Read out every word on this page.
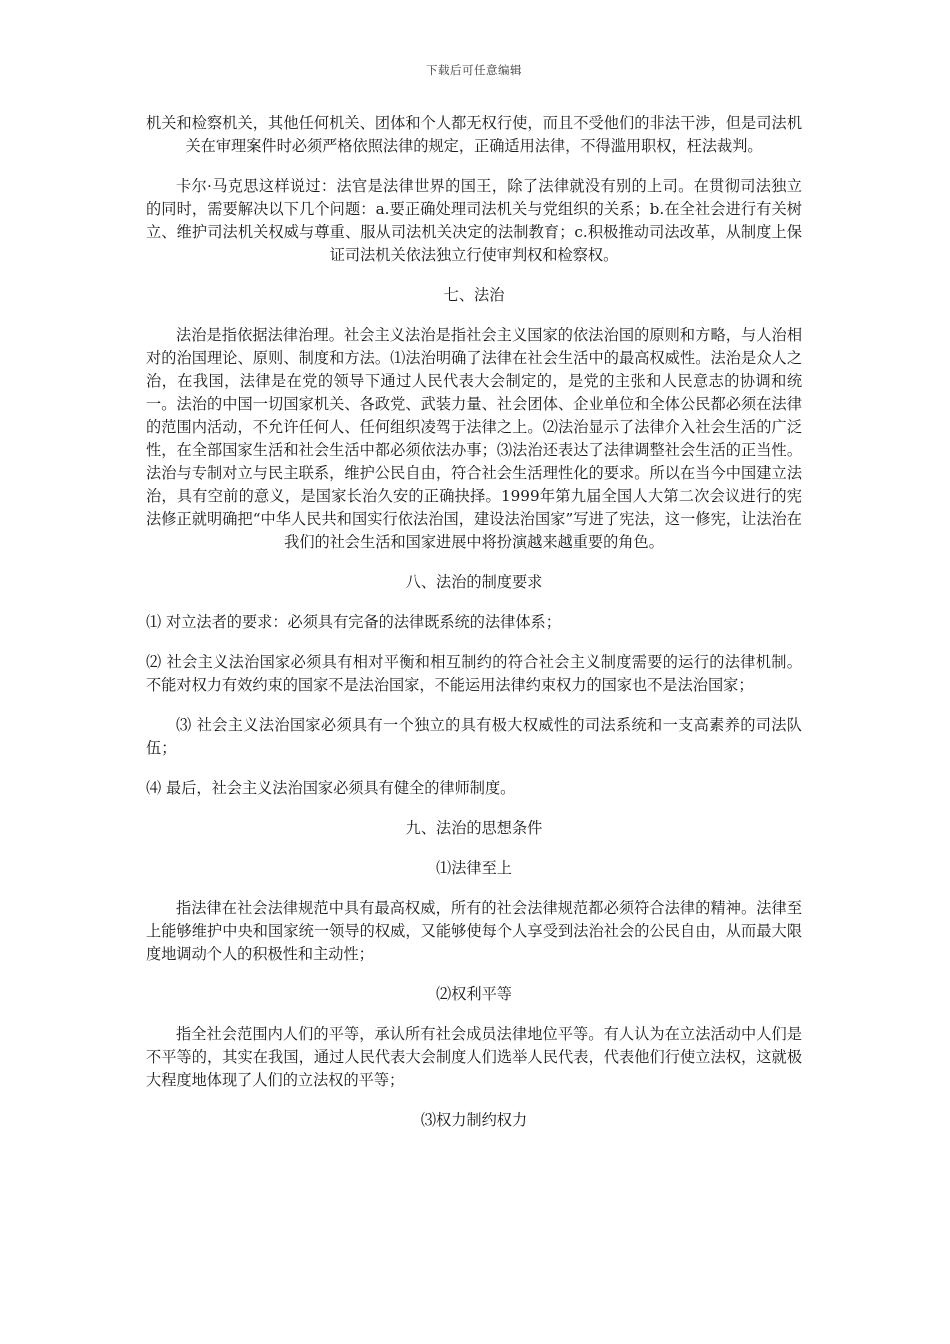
下载后可任意编辑

机关和检察机关，其他任何机关、团体和个人都无权行使，而且不受他们的非法干涉，但是司法机关在审理案件时必须严格依照法律的规定，正确适用法律，不得滥用职权，枉法裁判。

卡尔·马克思这样说过：法官是法律世界的国王，除了法律就没有别的上司。在贯彻司法独立的同时，需要解决以下几个问题：a.要正确处理司法机关与党组织的关系；b.在全社会进行有关树立、维护司法机关权威与尊重、服从司法机关决定的法制教育；c.积极推动司法改革，从制度上保证司法机关依法独立行使审判权和检察权。

七、法治

法治是指依据法律治理。社会主义法治是指社会主义国家的依法治国的原则和方略，与人治相对的治国理论、原则、制度和方法。⑴法治明确了法律在社会生活中的最高权威性。法治是众人之治，在我国，法律是在党的领导下通过人民代表大会制定的，是党的主张和人民意志的协调和统一。法治的中国一切国家机关、各政党、武装力量、社会团体、企业单位和全体公民都必须在法律的范围内活动，不允许任何人、任何组织凌驾于法律之上。⑵法治显示了法律介入社会生活的广泛性，在全部国家生活和社会生活中都必须依法办事；⑶法治还表达了法律调整社会生活的正当性。法治与专制对立与民主联系，维护公民自由，符合社会生活理性化的要求。所以在当今中国建立法治，具有空前的意义，是国家长治久安的正确抉择。1999年第九届全国人大第二次会议进行的宪法修正就明确把“中华人民共和国实行依法治国，建设法治国家”写进了宪法，这一修宪，让法治在我们的社会生活和国家进展中将扮演越来越重要的角色。

八、法治的制度要求

⑴ 对立法者的要求：必须具有完备的法律既系统的法律体系；

⑵ 社会主义法治国家必须具有相对平衡和相互制约的符合社会主义制度需要的运行的法律机制。不能对权力有效约束的国家不是法治国家，不能运用法律约束权力的国家也不是法治国家；

⑶ 社会主义法治国家必须具有一个独立的具有极大权威性的司法系统和一支高素养的司法队伍；

⑷ 最后，社会主义法治国家必须具有健全的律师制度。

九、法治的思想条件

⑴法律至上

指法律在社会法律规范中具有最高权威，所有的社会法律规范都必须符合法律的精神。法律至上能够维护中央和国家统一领导的权威，又能够使每个人享受到法治社会的公民自由，从而最大限度地调动个人的积极性和主动性；

⑵权利平等

指全社会范围内人们的平等，承认所有社会成员法律地位平等。有人认为在立法活动中人们是不平等的，其实在我国，通过人民代表大会制度人们选举人民代表，代表他们行使立法权，这就极大程度地体现了人们的立法权的平等；

⑶权力制约权力
